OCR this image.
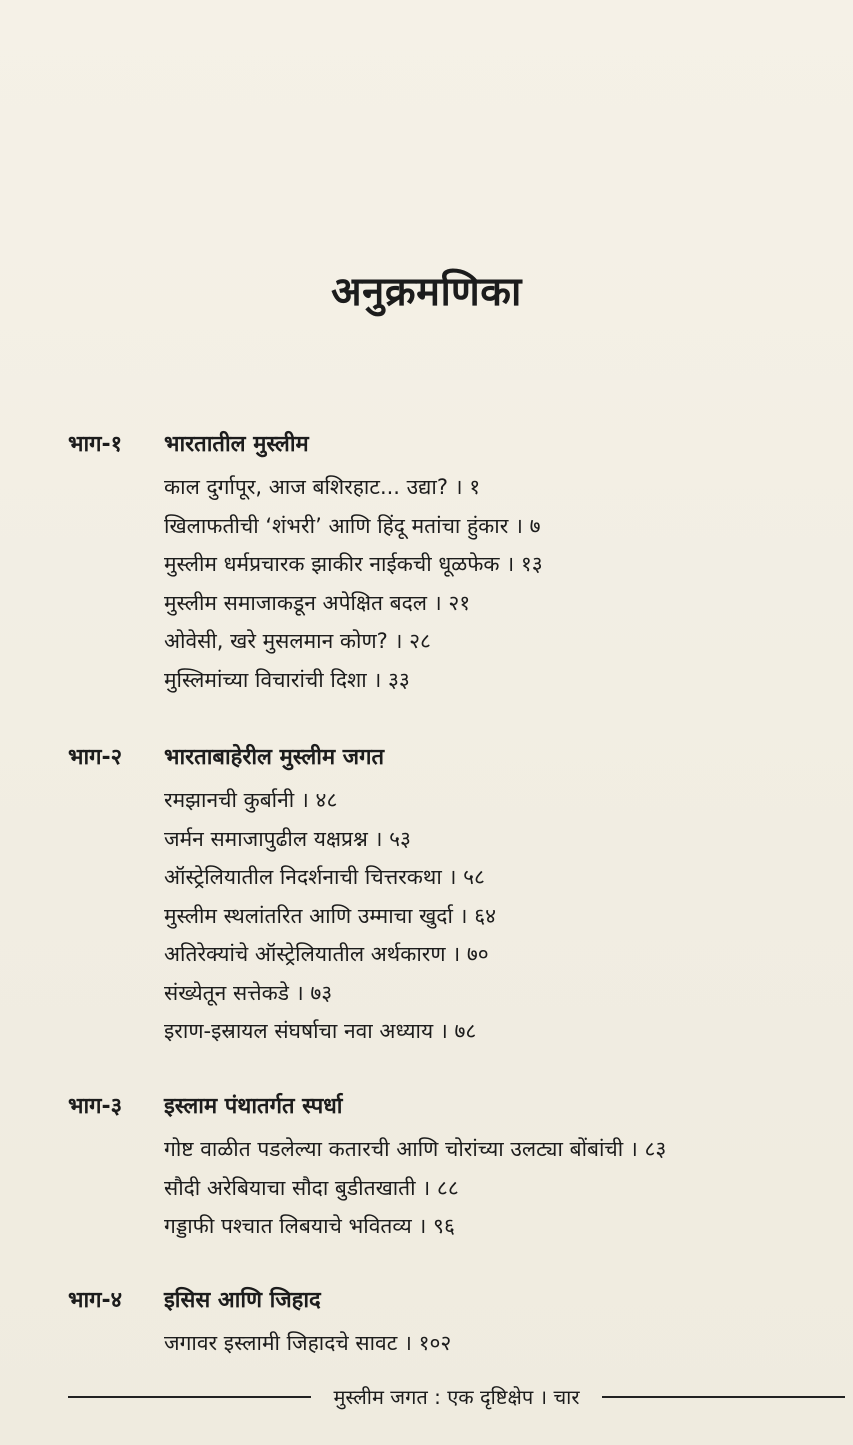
अनुक्रमणिका
भाग-१	भारतातील मुस्लीम
काल दुर्गापूर, आज बशिरहाट... उद्या? । १
खिलाफतीची ‘शंभरी’ आणि हिंदू मतांचा हुंकार । ७
मुस्लीम धर्मप्रचारक झाकीर नाईकची धूळफेक । १३
मुस्लीम समाजाकडून अपेक्षित बदल । २१
ओवेसी, खरे मुसलमान कोण? । २८
मुस्लिमांच्या विचारांची दिशा । ३३
भाग-२	भारताबाहेरील मुस्लीम जगत
रमझानची कुर्बानी । ४८
जर्मन समाजापुढील यक्षप्रश्न । ५३
ऑस्ट्रेलियातील निदर्शनाची चित्तरकथा । ५८
मुस्लीम स्थलांतरित आणि उम्माचा खुर्दा । ६४
अतिरेक्यांचे ऑस्ट्रेलियातील अर्थकारण । ७०
संख्येतून सत्तेकडे । ७३
इराण-इस्रायल संघर्षाचा नवा अध्याय । ७८
भाग-३	इस्लाम पंथातर्गत स्पर्धा
गोष्ट वाळीत पडलेल्या कतारची आणि चोरांच्या उलट्या बोंबांची । ८३
सौदी अरेबियाचा सौदा बुडीतखाती । ८८
गड्डाफी पश्चात लिबयाचे भवितव्य । ९६
भाग-४	इसिस आणि जिहाद
जगावर इस्लामी जिहादचे सावट । १०२
मुस्लीम जगत : एक दृष्टिक्षेप । चार
